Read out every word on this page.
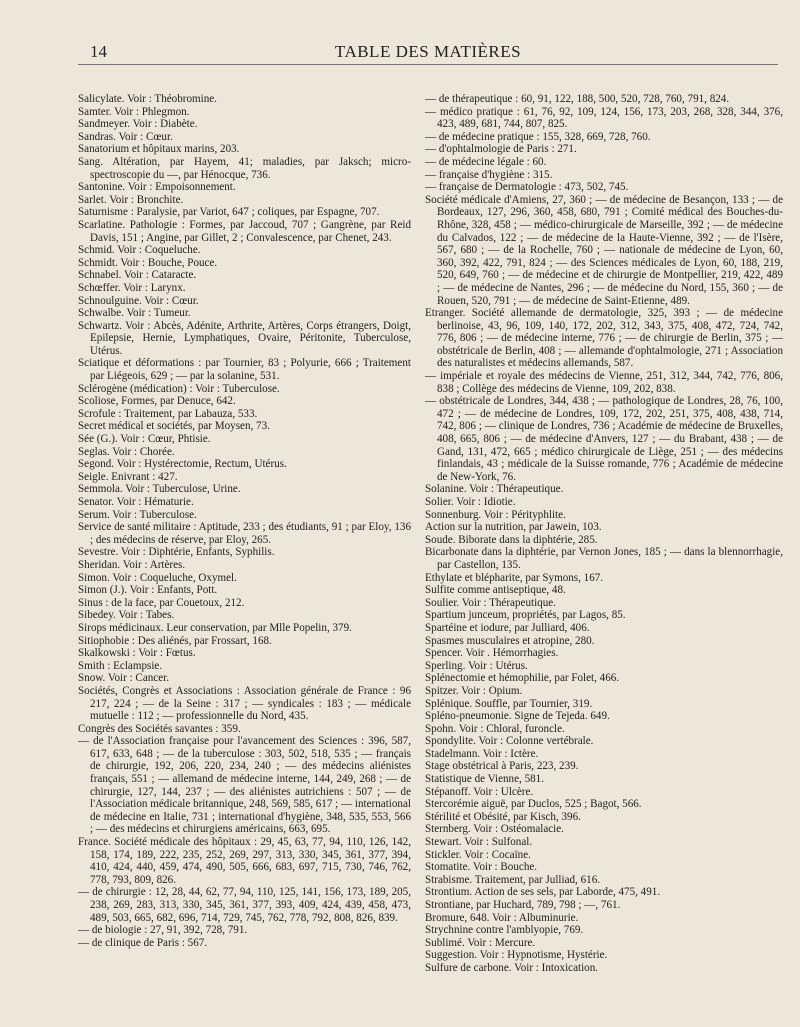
14	TABLE DES MATIÈRES
Salicylate. Voir : Théobromine.
Samter. Voir : Phlegmon.
Sandmeyer. Voir : Diabète.
Sandras. Voir : Cœur.
Sanatorium et hôpitaux marins, 203.
Sang. Altération, par Hayem, 41; maladies, par Jaksch; micro-spectroscopie du —, par Hénocque, 736.
Santonine. Voir : Empoisonnement.
Sarlet. Voir : Bronchite.
Saturnisme : Paralysie, par Variot, 647 ; coliques, par Espagne, 707.
Scarlatine. Pathologie : Formes, par Jaccoud, 707 ; Gangrène, par Reid Davis, 151 ; Angine, par Gillet, 2 ; Convalescence, par Chenet, 243.
Schmid. Voir : Coqueluche.
Schmidt. Voir : Bouche, Pouce.
Schnabel. Voir : Cataracte.
Schœffer. Voir : Larynx.
Schnoulguine. Voir : Cœur.
Schwalbe. Voir : Tumeur.
Schwartz. Voir : Abcès, Adénite, Arthrite, Artères, Corps étrangers, Doigt, Epilepsie, Hernie, Lymphatiques, Ovaire, Péritonite, Tuberculose, Utérus.
Sciatique et déformations : par Tournier, 83 ; Polyurie, 666 ; Traitement par Liégeois, 629 ; — par la solanine, 531.
Sclérogène (médication) : Voir : Tuberculose.
Scoliose, Formes, par Denuce, 642.
Scrofule : Traitement, par Labauza, 533.
Secret médical et sociétés, par Moysen, 73.
Sée (G.). Voir : Cœur, Phtisie.
Seglas. Voir : Chorée.
Segond. Voir : Hystérectomie, Rectum, Utérus.
Seigle. Enivrant : 427.
Semmola. Voir : Tuberculose, Urine.
Senator. Voir : Hématurie.
Serum. Voir : Tuberculose.
Service de santé militaire : Aptitude, 233 ; des étudiants, 91 ; par Eloy, 136 ; des médecins de réserve, par Eloy, 265.
Sevestre. Voir : Diphtérie, Enfants, Syphilis.
Sheridan. Voir : Artères.
Simon. Voir : Coqueluche, Oxymel.
Simon (J.). Voir : Enfants, Pott.
Sinus : de la face, par Couetoux, 212.
Sibedey. Voir : Tabes.
Sirops médicinaux. Leur conservation, par Mlle Popelin, 379.
Sitiophobie : Des aliénés, par Frossart, 168.
Skalkowski : Voir : Fœtus.
Smith : Eclampsie.
Snow. Voir : Cancer.
Sociétés, Congrès et Associations : Association générale de France : 96 217, 224 ; — de la Seine : 317 ; — syndicales : 183 ; — médicale mutuelle : 112 ; — professionnelle du Nord, 435.
Congrès des Sociétés savantes : 359.
— de l'Association française pour l'avancement des Sciences : 396, 587, 617, 633, 648 ; — de la tuberculose : 303, 502, 518, 535 ; — français de chirurgie, 192, 206, 220, 234, 240 ; — des médecins aliénistes français, 551 ; — allemand de médecine interne, 144, 249, 268 ; — de chirurgie, 127, 144, 237 ; — des aliénistes autrichiens : 507 ; — de l'Association médicale britannique, 248, 569, 585, 617 ; — international de médecine en Italie, 731 ; international d'hygiène, 348, 535, 553, 566 ; — des médecins et chirurgiens américains, 663, 695.
France. Société médicale des hôpitaux : 29, 45, 63, 77, 94, 110, 126, 142, 158, 174, 189, 222, 235, 252, 269, 297, 313, 330, 345, 361, 377, 394, 410, 424, 440, 459, 474, 490, 505, 666, 683, 697, 715, 730, 746, 762, 778, 793, 809, 826.
— de chirurgie : 12, 28, 44, 62, 77, 94, 110, 125, 141, 156, 173, 189, 205, 238, 269, 283, 313, 330, 345, 361, 377, 393, 409, 424, 439, 458, 473, 489, 503, 665, 682, 696, 714, 729, 745, 762, 778, 792, 808, 826, 839.
— de biologie : 27, 91, 392, 728, 791.
— de clinique de Paris : 567.
— de thérapeutique : 60, 91, 122, 188, 500, 520, 728, 760, 791, 824.
— médico pratique : 61, 76, 92, 109, 124, 156, 173, 203, 268, 328, 344, 376, 423, 489, 681, 744, 807, 825.
— de médecine pratique : 155, 328, 669, 728, 760.
— d'ophtalmologie de Paris : 271.
— de médecine légale : 60.
— française d'hygiène : 315.
— française de Dermatologie : 473, 502, 745.
Société médicale d'Amiens, 27, 360 ; — de médecine de Besançon, 133 ; — de Bordeaux, 127, 296, 360, 458, 680, 791 ; Comité médical des Bouches-du-Rhône, 328, 458 ; — médico-chirurgicale de Marseille, 392 ; — de médecine du Calvados, 122 ; — de médecine de la Haute-Vienne, 392 ; — de l'Isère, 567, 680 ; — de la Rochelle, 760 ; — nationale de médecine de Lyon, 60, 360, 392, 422, 791, 824 ; — des Sciences médicales de Lyon, 60, 188, 219, 520, 649, 760 ; — de médecine et de chirurgie de Montpellier, 219, 422, 489 ; — de médecine de Nantes, 296 ; — de médecine du Nord, 155, 360 ; — de Rouen, 520, 791 ; — de médecine de Saint-Etienne, 489.
Etranger. Société allemande de dermatologie, 325, 393 ; — de médecine berlinoise, 43, 96, 109, 140, 172, 202, 312, 343, 375, 408, 472, 724, 742, 776, 806 ; — de médecine interne, 776 ; — de chirurgie de Berlin, 375 ; — obstétricale de Berlin, 408 ; — allemande d'ophtalmologie, 271 ; Association des naturalistes et médecins allemands, 587.
— impériale et royale des médecins de Vienne, 251, 312, 344, 742, 776, 806, 838 ; Collège des médecins de Vienne, 109, 202, 838.
— obstétricale de Londres, 344, 438 ; — pathologique de Londres, 28, 76, 100, 472 ; — de médecine de Londres, 109, 172, 202, 251, 375, 408, 438, 714, 742, 806 ; — clinique de Londres, 736 ; Académie de médecine de Bruxelles, 408, 665, 806 ; — de médecine d'Anvers, 127 ; — du Brabant, 438 ; — de Gand, 131, 472, 665 ; médico chirurgicale de Liège, 251 ; — des médecins finlandais, 43 ; médicale de la Suisse romande, 776 ; Académie de médecine de New-York, 76.
Solanine. Voir : Thérapeutique.
Solier. Voir : Idiotie.
Sonnenburg. Voir : Pérityphlite.
Action sur la nutrition, par Jawein, 103.
Soude. Biborate dans la diphtérie, 285.
Bicarbonate dans la diphtérie, par Vernon Jones, 185 ; — dans la blennorrhagie, par Castellon, 135.
Ethylate et blépharite, par Symons, 167.
Sulfite comme antiseptique, 48.
Soulier. Voir : Thérapeutique.
Spartium junceum, propriétés, par Lagos, 85.
Spartéine et iodure, par Julliard, 406.
Spasmes musculaires et atropine, 280.
Spencer. Voir . Hémorrhagies.
Sperling. Voir : Utérus.
Splénectomie et hémophilie, par Folet, 466.
Spitzer. Voir : Opium.
Splénique. Souffle, par Tournier, 319.
Spléno-pneumonie. Signe de Tejeda. 649.
Spohn. Voir : Chloral, furoncle.
Spondylite. Voir : Colonne vertébrale.
Stadelmann. Voir : Ictère.
Stage obstétrical à Paris, 223, 239.
Statistique de Vienne, 581.
Stépanoff. Voir : Ulcère.
Stercorémie aiguë, par Duclos, 525 ; Bagot, 566.
Stérilité et Obésité, par Kisch, 396.
Sternberg. Voir : Ostéomalacie.
Stewart. Voir : Sulfonal.
Stickler. Voir : Cocaïne.
Stomatite. Voir : Bouche.
Strabisme. Traitement, par Julliad, 616.
Strontium. Action de ses sels, par Laborde, 475, 491.
Strontiane, par Huchard, 789, 798 ; —, 761.
Bromure, 648. Voir : Albuminurie.
Strychnine contre l'amblyopie, 769.
Sublimé. Voir : Mercure.
Suggestion. Voir : Hypnotisme, Hystérie.
Sulfure de carbone. Voir : Intoxication.
